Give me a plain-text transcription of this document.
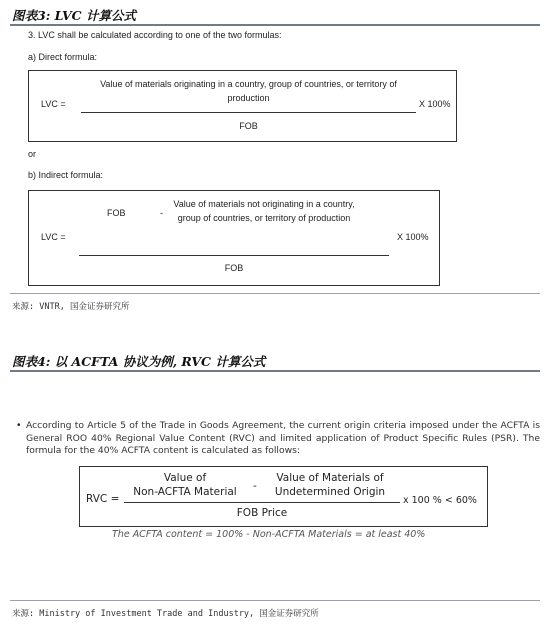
图表3: LVC 计算公式
3. LVC shall be calculated according to one of the two formulas:
a) Direct formula:
LVC =
Value of materials originating in a country, group of countries, or territory of
production
FOB
X 100%
or
b) Indirect formula:
LVC =
FOB	-
Value of materials not originating in a country,
group of countries, or territory of production
FOB
X 100%
来源: VNTR, 国金证券研究所
图表4: 以 ACFTA 协议为例, RVC 计算公式
• According to Article 5 of the Trade in Goods Agreement, the current origin criteria imposed under the ACFTA is General ROO 40% Regional Value Content (RVC) and limited application of Product Specific Rules (PSR). The formula for the 40% ACFTA content is calculated as follows:
RVC =
Value of
Non-ACFTA Material	-
Value of Materials of
Undetermined Origin
FOB Price
x 100 % < 60%
The ACFTA content = 100% - Non-ACFTA Materials = at least 40%
来源: Ministry of Investment Trade and Industry, 国金证券研究所
